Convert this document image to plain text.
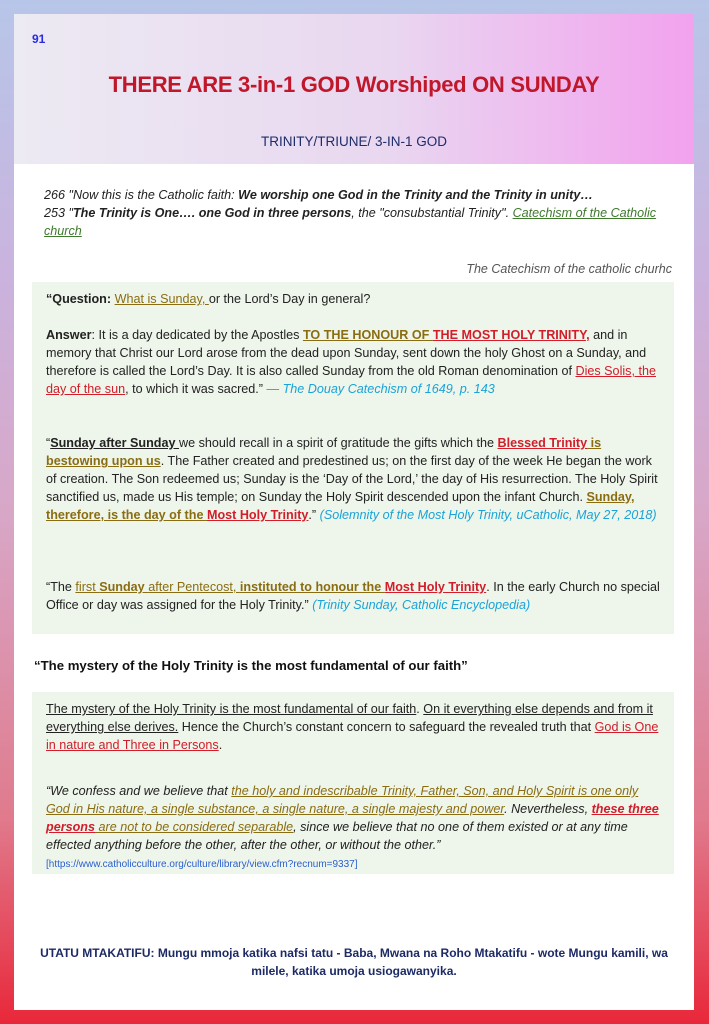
91
THERE ARE 3-in-1 GOD Worshiped ON SUNDAY
TRINITY/TRIUNE/ 3-IN-1 GOD
266 "Now this is the Catholic faith: We worship one God in the Trinity and the Trinity in unity…
253 "The Trinity is One…. one God in three persons, the "consubstantial Trinity". Catechism of the Catholic church
The Catechism of the catholic churhc
“Question: What is Sunday, or the Lord’s Day in general?
Answer: It is a day dedicated by the Apostles TO THE HONOUR OF THE MOST HOLY TRINITY, and in memory that Christ our Lord arose from the dead upon Sunday, sent down the holy Ghost on a Sunday, and therefore is called the Lord’s Day. It is also called Sunday from the old Roman denomination of Dies Solis, the day of the sun, to which it was sacred.” — The Douay Catechism of 1649, p. 143
“Sunday after Sunday we should recall in a spirit of gratitude the gifts which the Blessed Trinity is bestowing upon us. The Father created and predestined us; on the first day of the week He began the work of creation. The Son redeemed us; Sunday is the ‘Day of the Lord,’ the day of His resurrection. The Holy Spirit sanctified us, made us His temple; on Sunday the Holy Spirit descended upon the infant Church. Sunday, therefore, is the day of the Most Holy Trinity.” (Solemnity of the Most Holy Trinity, uCatholic, May 27, 2018)
“The first Sunday after Pentecost, instituted to honour the Most Holy Trinity. In the early Church no special Office or day was assigned for the Holy Trinity.” (Trinity Sunday, Catholic Encyclopedia)
“The mystery of the Holy Trinity is the most fundamental of our faith”
The mystery of the Holy Trinity is the most fundamental of our faith. On it everything else depends and from it everything else derives. Hence the Church’s constant concern to safeguard the revealed truth that God is One in nature and Three in Persons.
“We confess and we believe that the holy and indescribable Trinity, Father, Son, and Holy Spirit is one only God in His nature, a single substance, a single nature, a single majesty and power. Nevertheless, these three persons are not to be considered separable, since we believe that no one of them existed or at any time effected anything before the other, after the other, or without the other.” [https://www.catholicculture.org/culture/library/view.cfm?recnum=9337]
UTATU MTAKATIFU: Mungu mmoja katika nafsi tatu - Baba, Mwana na Roho Mtakatifu - wote Mungu kamili, wa milele, katika umoja usiogawanyika.
